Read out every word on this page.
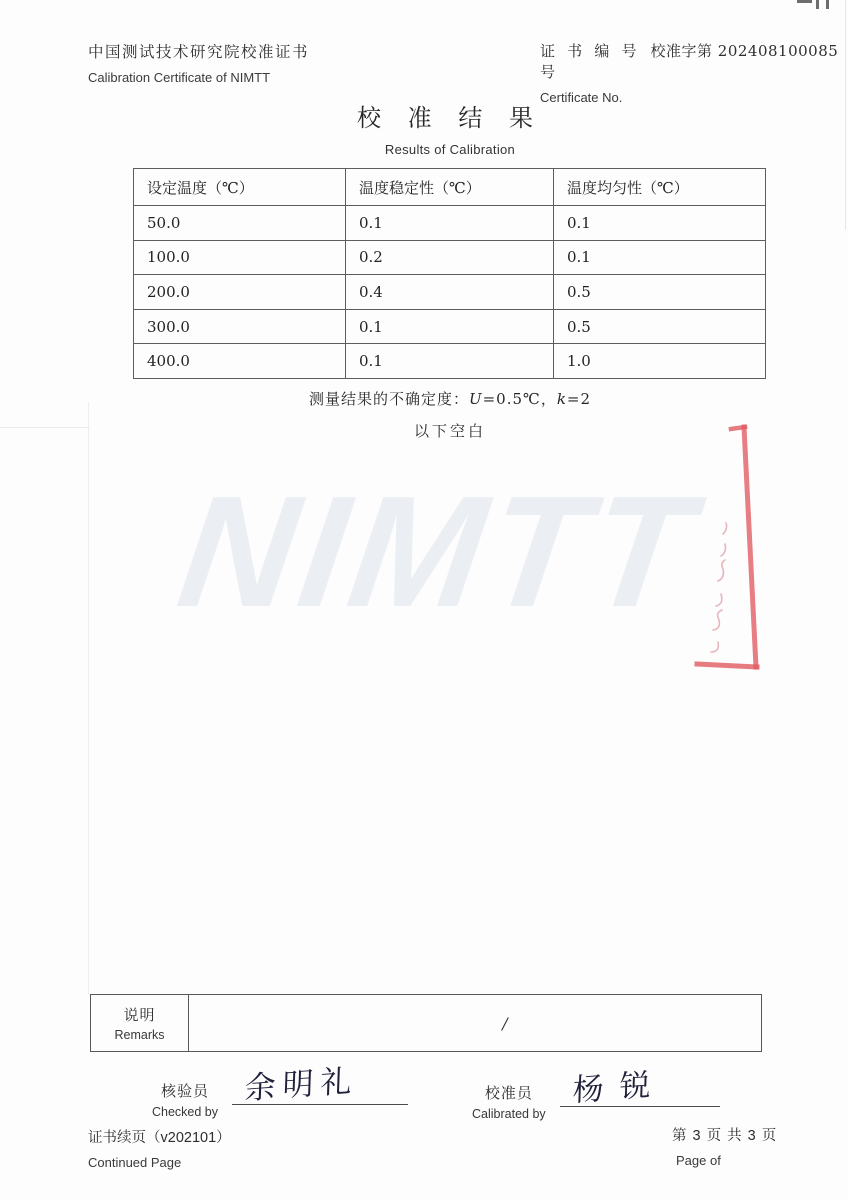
中国测试技术研究院校准证书
Calibration Certificate of NIMTT
证 书 编 号 校准字第 202408100085 号
Certificate No.
校 准 结 果
Results of Calibration
设定温度（℃）	温度稳定性（℃）	温度均匀性（℃）
50.0	0.1	0.1
100.0	0.2	0.1
200.0	0.4	0.5
300.0	0.1	0.5
400.0	0.1	1.0
测量结果的不确定度：U=0.5℃，k=2
以下空白
NIMTT
说明
Remarks
/
核验员
Checked by
余明礼	校准员
Calibrated by
杨锐
证书续页（v202101）
Continued Page
第 3 页 共 3 页
Page of
